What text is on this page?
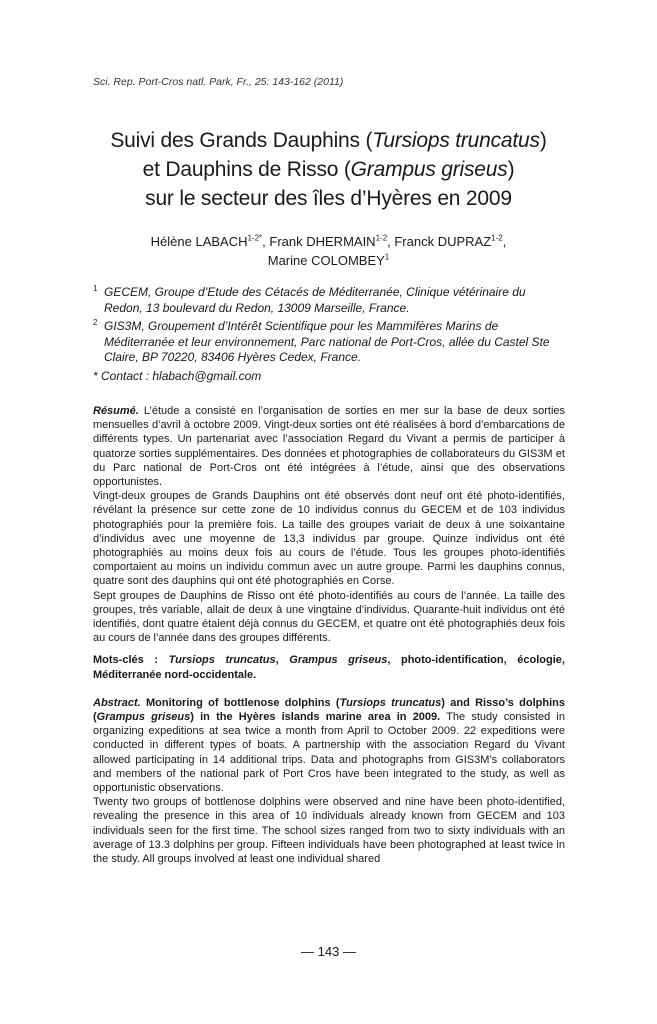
Sci. Rep. Port-Cros natl. Park, Fr., 25: 143-162 (2011)
Suivi des Grands Dauphins (Tursiops truncatus)
et Dauphins de Risso (Grampus griseus)
sur le secteur des îles d’Hyères en 2009
Hélène $LABACH^{1-2*}$, Frank DHERMAIN$^{1-2}$, Franck DUPRAZ$^{1-2}$,
Marine COLOMBEY$^1$
1 GECEM, Groupe d’Etude des Cétacés de Méditerranée, Clinique vétérinaire du Redon, 13 boulevard du Redon, 13009 Marseille, France.
2 GIS3M, Groupement d’Intérêt Scientifique pour les Mammifères Marins de Méditerranée et leur environnement, Parc national de Port-Cros, allée du Castel Ste Claire, BP 70220, 83406 Hyères Cedex, France.
* Contact : hlabach@gmail.com

Résumé. L’étude a consisté en l’organisation de sorties en mer sur la base de deux sorties mensuelles d’avril à octobre 2009. Vingt-deux sorties ont été réalisées à bord d’embarcations de différents types. Un partenariat avec l’association Regard du Vivant a permis de participer à quatorze sorties supplémentaires. Des données et photographies de collaborateurs du GIS3M et du Parc national de Port-Cros ont été intégrées à l’étude, ainsi que des observations opportunistes.

Vingt-deux groupes de Grands Dauphins ont été observés dont neuf ont été photo-identifiés, révélant la présence sur cette zone de 10 individus connus du GECEM et de 103 individus photographiés pour la première fois. La taille des groupes variait de deux à une soixantaine d’individus avec une moyenne de 13,3 individus par groupe. Quinze individus ont été photographiés au moins deux fois au cours de l’étude. Tous les groupes photo-identifiés comportaient au moins un individu commun avec un autre groupe. Parmi les dauphins connus, quatre sont des dauphins qui ont été photographiés en Corse.

Sept groupes de Dauphins de Risso ont été photo-identifiés au cours de l’année. La taille des groupes, très variable, allait de deux à une vingtaine d’individus. Quarante-huit individus ont été identifiés, dont quatre étaient déjà connus du GECEM, et quatre ont été photographiés deux fois au cours de l’année dans des groupes différents.

Mots-clés : Tursiops truncatus, Grampus griseus, photo-identification, écologie, Méditerranée nord-occidentale.

Abstract. Monitoring of bottlenose dolphins (Tursiops truncatus) and Risso’s dolphins (Grampus griseus) in the Hyères islands marine area in 2009. The study consisted in organizing expeditions at sea twice a month from April to October 2009. 22 expeditions were conducted in different types of boats. A partnership with the association Regard du Vivant allowed participating in 14 additional trips. Data and photographs from GIS3M’s collaborators and members of the national park of Port Cros have been integrated to the study, as well as opportunistic observations.

Twenty two groups of bottlenose dolphins were observed and nine have been photo-identified, revealing the presence in this area of 10 individuals already known from GECEM and 103 individuals seen for the first time. The school sizes ranged from two to sixty individuals with an average of 13.3 dolphins per group. Fifteen individuals have been photographed at least twice in the study. All groups involved at least one individual shared

— 143 —
